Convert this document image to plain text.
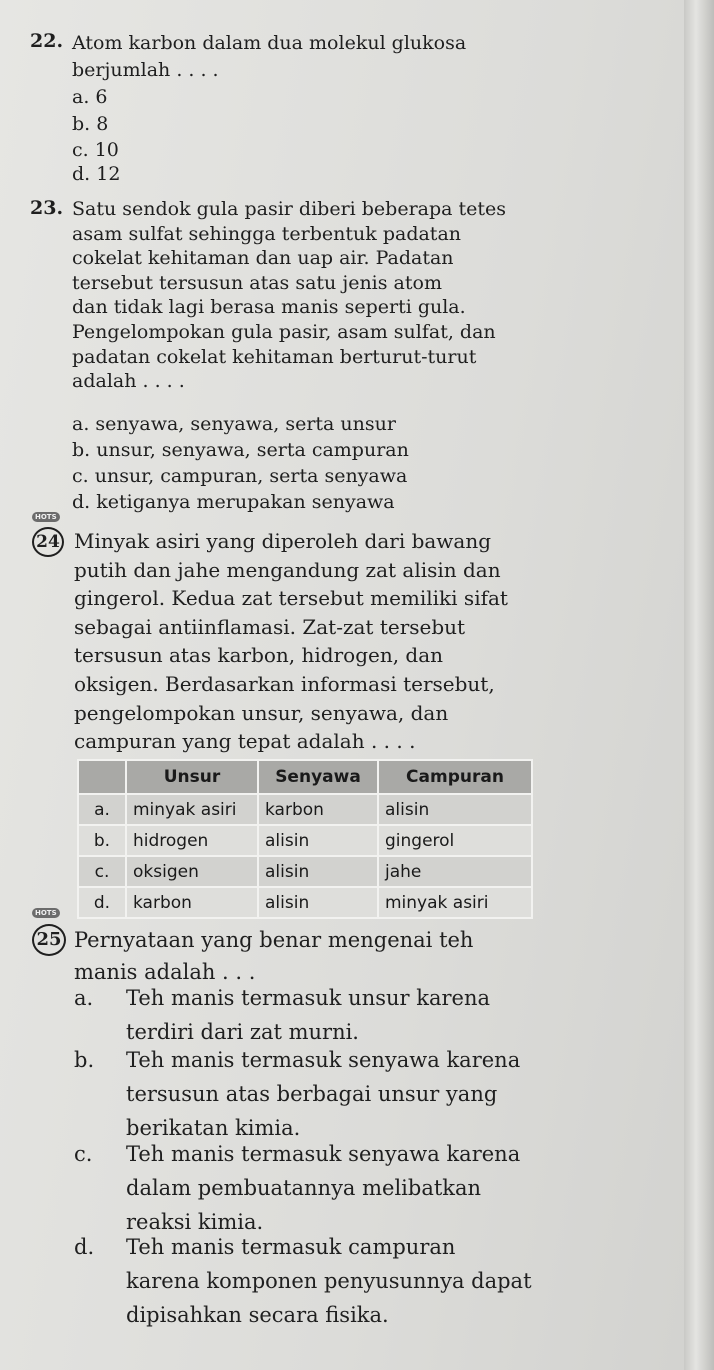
22. Atom karbon dalam dua molekul glukosa
berjumlah . . . .
a. 6
b. 8
c. 10
d. 12
23. Satu sendok gula pasir diberi beberapa tetes
asam sulfat sehingga terbentuk padatan
cokelat kehitaman dan uap air. Padatan
tersebut tersusun atas satu jenis atom
dan tidak lagi berasa manis seperti gula.
Pengelompokan gula pasir, asam sulfat, dan
padatan cokelat kehitaman berturut-turut
adalah . . . .
a. senyawa, senyawa, serta unsur
b. unsur, senyawa, serta campuran
c. unsur, campuran, serta senyawa
d. ketiganya merupakan senyawa
HOTS
24 Minyak asiri yang diperoleh dari bawang
putih dan jahe mengandung zat alisin dan
gingerol. Kedua zat tersebut memiliki sifat
sebagai antiinflamasi. Zat-zat tersebut
tersusun atas karbon, hidrogen, dan
oksigen. Berdasarkan informasi tersebut,
pengelompokan unsur, senyawa, dan
campuran yang tepat adalah . . . .
	Unsur	Senyawa	Campuran
a.	minyak asiri	karbon	alisin
b.	hidrogen	alisin	gingerol
c.	oksigen	alisin	jahe
d.	karbon	alisin	minyak asiri
HOTS
25 Pernyataan yang benar mengenai teh
manis adalah . . .
a. Teh manis termasuk unsur karena
terdiri dari zat murni.
b. Teh manis termasuk senyawa karena
tersusun atas berbagai unsur yang
berikatan kimia.
c. Teh manis termasuk senyawa karena
dalam pembuatannya melibatkan
reaksi kimia.
d. Teh manis termasuk campuran
karena komponen penyusunnya dapat
dipisahkan secara fisika.
